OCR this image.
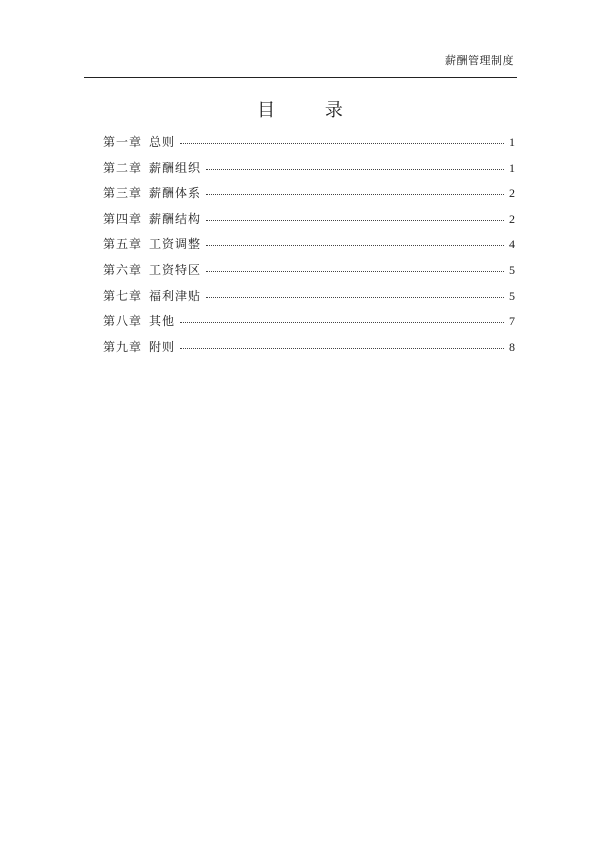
薪酬管理制度
目 录
第一章 总则	1
第二章 薪酬组织	1
第三章 薪酬体系	2
第四章 薪酬结构	2
第五章 工资调整	4
第六章 工资特区	5
第七章 福利津贴	5
第八章 其他	7
第九章 附则	8
